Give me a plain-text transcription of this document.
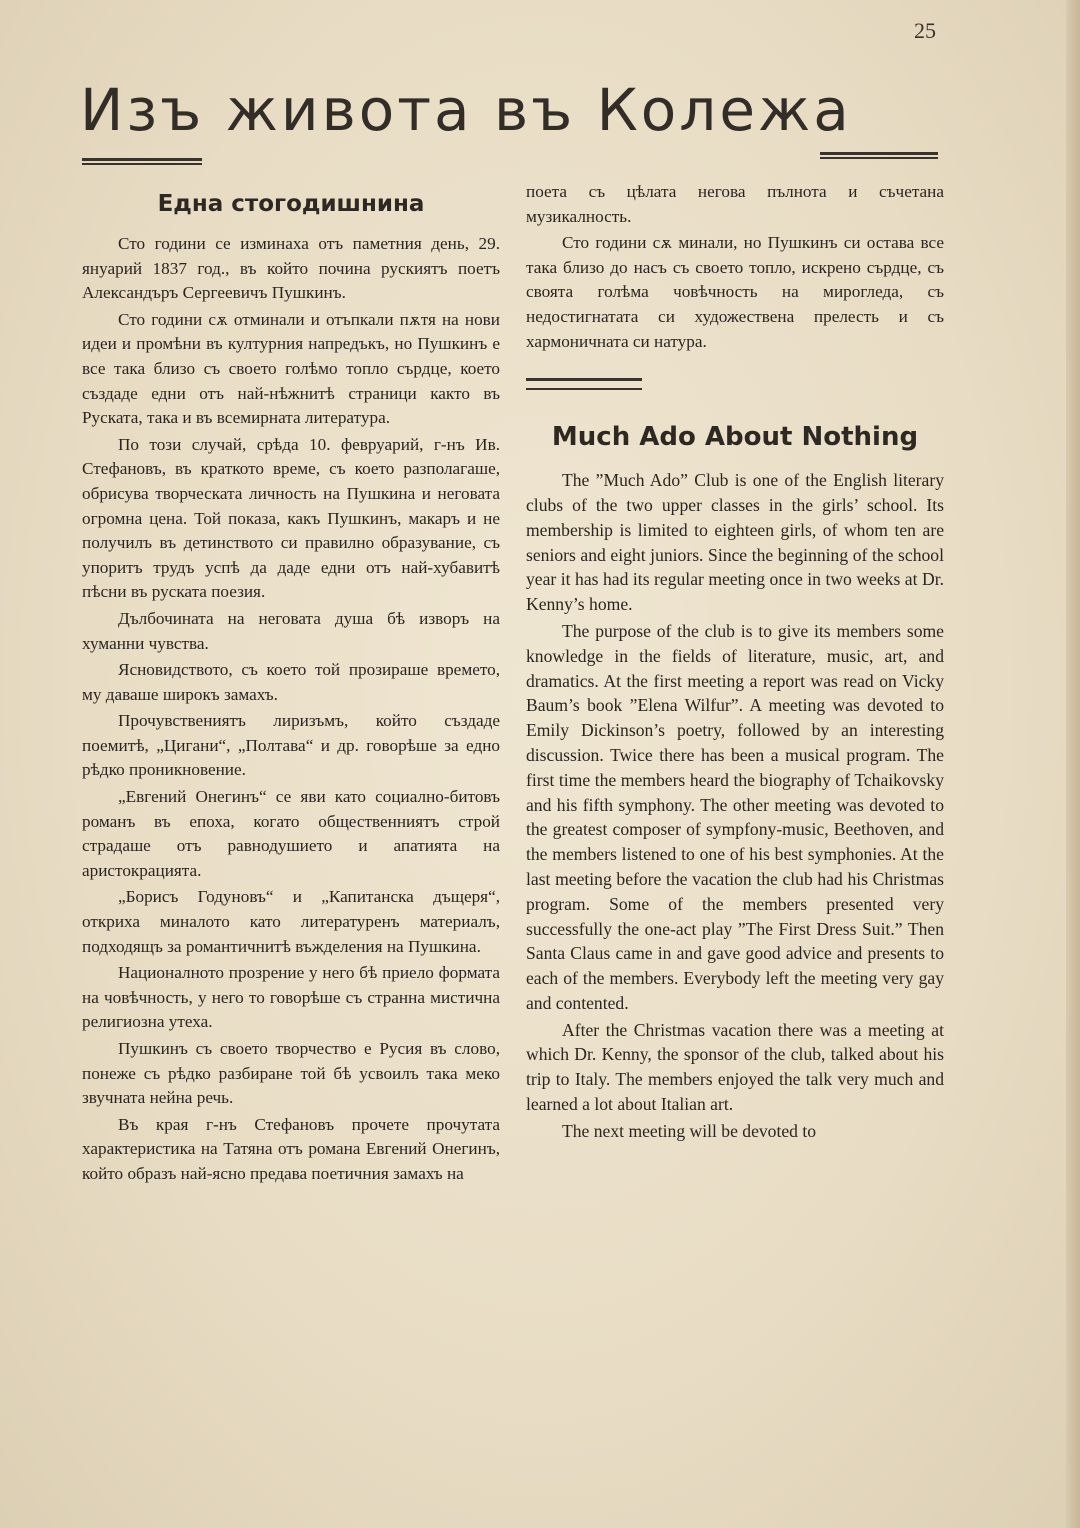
25
Изъ живота въ Колежа
Една стогодишнина

Сто години се изминаха отъ паметния день, 29. януарий 1837 год., въ който почина рускиятъ поетъ Александъръ Сергеевичъ Пушкинъ.

Сто години сѫ отминали и отъпкали пѫтя на нови идеи и промѣни въ културния напредъкъ, но Пушкинъ е все така близо съ своето голѣмо топло сърдце, което създаде едни отъ най-нѣжнитѣ страници както въ Руската, така и въ всемирната литература.

По този случай, срѣда 10. февруарий, г-нъ Ив. Стефановъ, въ краткото време, съ което разполагаше, обрисува творческата личность на Пушкина и неговата огромна цена. Той показа, какъ Пушкинъ, макаръ и не получилъ въ детинството си правилно образувание, съ упоритъ трудъ успѣ да даде едни отъ най-хубавитѣ пѣсни въ руската поезия.

Дълбочината на неговата душа бѣ изворъ на хуманни чувства.

Ясновидството, съ което той прозираше времето, му даваше широкъ замахъ.

Прочувствениятъ лиризъмъ, който създаде поемитѣ, „Цигани“, „Полтава“ и др. говорѣше за едно рѣдко проникновение.

„Евгений Онегинъ“ се яви като социално-битовъ романъ въ епоха, когато общественниятъ строй страдаше отъ равнодушието и апатията на аристокрацията.

„Борисъ Годуновъ“ и „Капитанска дъщеря“, откриха миналото като литературенъ материалъ, подходящъ за романтичнитѣ въжделения на Пушкина.

Националното прозрение у него бѣ приело формата на човѣчность, у него то говорѣше съ странна мистична религиозна утеха.

Пушкинъ съ своето творчество е Русия въ слово, понеже съ рѣдко разбиране той бѣ усвоилъ така меко звучната нейна речь.

Въ края г-нъ Стефановъ прочете прочутата характеристика на Татяна отъ романа Евгений Онегинъ, който образъ най-ясно предава поетичния замахъ на

поета съ цѣлата негова пълнота и съчетана музикалность.

Сто години сѫ минали, но Пушкинъ си остава все така близо до насъ съ своето топло, искрено сърдце, съ своята голѣма човѣчность на мирогледа, съ недостигнатата си художествена прелесть и съ хармоничната си натура.

Much Ado About Nothing

The ”Much Ado” Club is one of the English literary clubs of the two upper classes in the girls’ school. Its membership is limited to eighteen girls, of whom ten are seniors and eight juniors. Since the beginning of the school year it has had its regular meeting once in two weeks at Dr. Kenny’s home.

The purpose of the club is to give its members some knowledge in the fields of literature, music, art, and dramatics. At the first meeting a report was read on Vicky Baum’s book ”Elena Wilfur”. A meeting was devoted to Emily Dickinson’s poetry, followed by an interesting discussion. Twice there has been a musical program. The first time the members heard the biography of Tchaikovsky and his fifth symphony. The other meeting was devoted to the greatest composer of sympfony-music, Beethoven, and the members listened to one of his best symphonies. At the last meeting before the vacation the club had his Christmas program. Some of the members presented very successfully the one-act play ”The First Dress Suit.” Then Santa Claus came in and gave good advice and presents to each of the members. Everybody left the meeting very gay and contented.

After the Christmas vacation there was a meeting at which Dr. Kenny, the sponsor of the club, talked about his trip to Italy. The members enjoyed the talk very much and learned a lot about Italian art.

The next meeting will be devoted to
